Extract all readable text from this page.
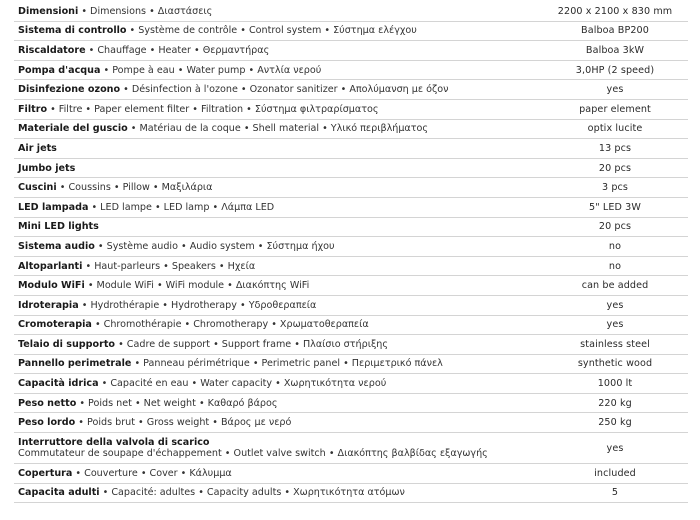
Dimensioni • Dimensions • Διαστάσεις	2200 x 2100 x 830 mm
Sistema di controllo • Système de contrôle • Control system • Σύστημα ελέγχου	Balboa BP200
Riscaldatore • Chauffage • Heater • Θερμαντήρας	Balboa 3kW
Pompa d'acqua • Pompe à eau • Water pump • Αντλία νερού	3,0HP (2 speed)
Disinfezione ozono • Désinfection à l'ozone • Ozonator sanitizer • Απολύμανση με όζον	yes
Filtro • Filtre • Paper element filter • Filtration • Σύστημα φιλτραρίσματος	paper element
Materiale del guscio • Matériau de la coque • Shell material • Υλικό περιβλήματος	optix lucite
Air jets	13 pcs
Jumbo jets	20 pcs
Cuscini • Coussins • Pillow • Μαξιλάρια	3 pcs
LED lampada • LED lampe • LED lamp • Λάμπα LED	5" LED 3W
Mini LED lights	20 pcs
Sistema audio • Système audio • Audio system • Σύστημα ήχου	no
Altoparlanti • Haut-parleurs • Speakers • Ηχεία	no
Modulo WiFi • Module WiFi • WiFi module • Διακόπτης WiFi	can be added
Idroterapia • Hydrothérapie • Hydrotherapy • Υδροθεραπεία	yes
Cromoterapia • Chromothérapie • Chromotherapy • Χρωματοθεραπεία	yes
Telaio di supporto • Cadre de support • Support frame • Πλαίσιο στήριξης	stainless steel
Pannello perimetrale • Panneau périmétrique • Perimetric panel • Περιμετρικό πάνελ	synthetic wood
Capacità idrica • Capacité en eau • Water capacity • Χωρητικότητα νερού	1000 lt
Peso netto • Poids net • Net weight • Καθαρό βάρος	220 kg
Peso lordo • Poids brut • Gross weight • Βάρος με νερό	250 kg

Interruttore della valvola di scarico
Commutateur de soupape d'échappement • Outlet valve switch • Διακόπτης βαλβίδας εξαγωγής	yes
Copertura • Couverture • Cover • Κάλυμμα	included
Capacita adulti • Capacité: adultes • Capacity adults • Χωρητικότητα ατόμων	5
